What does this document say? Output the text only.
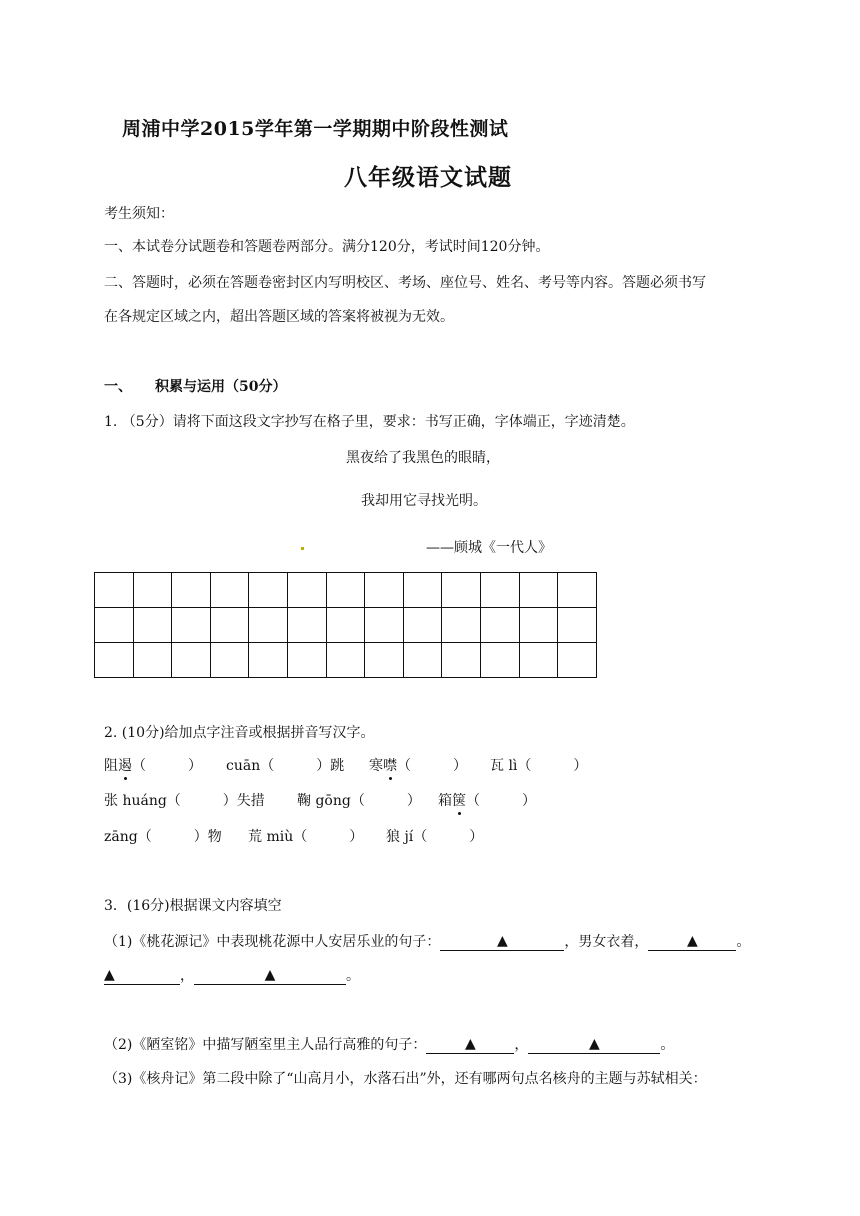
周浦中学2015学年第一学期期中阶段性测试
八年级语文试题
考生须知：
一、本试卷分试题卷和答题卷两部分。满分120分，考试时间120分钟。
二、答题时，必须在答题卷密封区内写明校区、考场、座位号、姓名、考号等内容。答题必须书写
在各规定区域之内，超出答题区域的答案将被视为无效。
一、 积累与运用（50分）
1. （5分）请将下面这段文字抄写在格子里，要求：书写正确，字体端正，字迹清楚。
黑夜给了我黑色的眼睛，
我却用它寻找光明。
——顾城《一代人》

2. (10分)给加点字注音或根据拼音写汉字。
阻遏（　　　） cuān（　　　）跳 寒噤（　　　） 瓦 lì（　　　）
张 huáng（　　　）失措 鞠 gōng（　　　） 箱箧（　　　）
zāng（　　　）物 荒 miù（　　　） 狼 jí（　　　）
3．(16分)根据课文内容填空
（1)《桃花源记》中表现桃花源中人安居乐业的句子：	▲	，男女衣着，	▲	。
▲	，	▲	。
（2)《陋室铭》中描写陋室里主人品行高雅的句子：	▲	，	▲	。
（3)《核舟记》第二段中除了“山高月小，水落石出”外，还有哪两句点名核舟的主题与苏轼相关：
